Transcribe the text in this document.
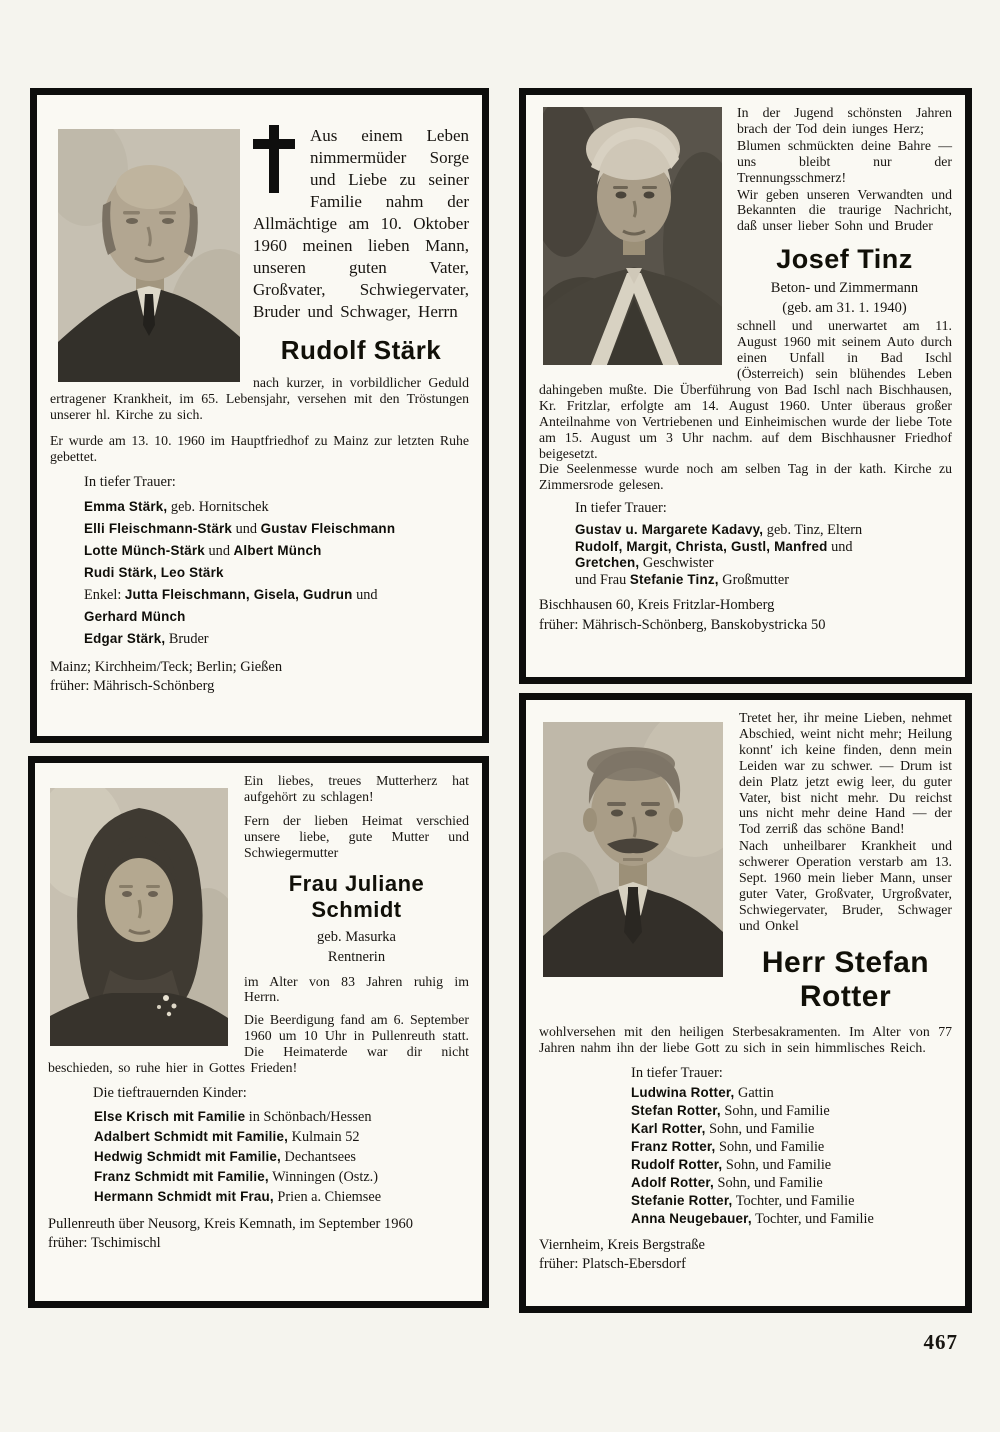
Aus einem Leben nimmermüder Sorge und Liebe zu seiner Familie nahm der Allmächtige am 10. Oktober 1960 meinen lieben Mann, unseren guten Vater, Großvater, Schwiegervater, Bruder und Schwager, Herrn

Rudolf Stärk

nach kurzer, in vorbildlicher Geduld ertragener Krankheit, im 65. Lebensjahr, versehen mit den Tröstungen unserer hl. Kirche zu sich.

Er wurde am 13. 10. 1960 im Hauptfriedhof zu Mainz zur letzten Ruhe gebettet.

In tiefer Trauer:

Emma Stärk, geb. Hornitschek
Elli Fleischmann-Stärk und Gustav Fleischmann
Lotte Münch-Stärk und Albert Münch
Rudi Stärk, Leo Stärk
Enkel: Jutta Fleischmann, Gisela, Gudrun und
Gerhard Münch
Edgar Stärk, Bruder

Mainz; Kirchheim/Teck; Berlin; Gießen

früher: Mährisch-Schönberg

In der Jugend schönsten Jahren brach der Tod dein iunges Herz;

Blumen schmückten deine Bahre — uns bleibt nur der Trennungsschmerz!

Wir geben unseren Verwandten und Bekannten die traurige Nachricht, daß unser lieber Sohn und Bruder

Josef Tinz

Beton- und Zimmermann

(geb. am 31. 1. 1940)

schnell und unerwartet am 11. August 1960 mit seinem Auto durch einen Unfall in Bad Ischl (Österreich) sein blühendes Leben dahingeben mußte. Die Überführung von Bad Ischl nach Bischhausen, Kr. Fritzlar, erfolgte am 14. August 1960. Unter überaus großer Anteilnahme von Vertriebenen und Einheimischen wurde der liebe Tote am 15. August um 3 Uhr nachm. auf dem Bischhausner Friedhof beigesetzt.

Die Seelenmesse wurde noch am selben Tag in der kath. Kirche zu Zimmersrode gelesen.

In tiefer Trauer:

Gustav u. Margarete Kadavy, geb. Tinz, Eltern
Rudolf, Margit, Christa, Gustl, Manfred und
Gretchen, Geschwister
und Frau Stefanie Tinz, Großmutter

Bischhausen 60, Kreis Fritzlar-Homberg

früher: Mährisch-Schönberg, Banskobystricka 50

Ein liebes, treues Mutterherz hat aufgehört zu schlagen!

Fern der lieben Heimat verschied unsere liebe, gute Mutter und Schwiegermutter

Frau Juliane Schmidt

geb. Masurka

Rentnerin

im Alter von 83 Jahren ruhig im Herrn.

Die Beerdigung fand am 6. September 1960 um 10 Uhr in Pullenreuth statt. Die Heimaterde war dir nicht beschieden, so ruhe hier in Gottes Frieden!

Die tieftrauernden Kinder:

Else Krisch mit Familie in Schönbach/Hessen
Adalbert Schmidt mit Familie, Kulmain 52
Hedwig Schmidt mit Familie, Dechantsees
Franz Schmidt mit Familie, Winningen (Ostz.)
Hermann Schmidt mit Frau, Prien a. Chiemsee

Pullenreuth über Neusorg, Kreis Kemnath, im September 1960

früher: Tschimischl

Tretet her, ihr meine Lieben, nehmet Abschied, weint nicht mehr; Heilung konnt' ich keine finden, denn mein Leiden war zu schwer. — Drum ist dein Platz jetzt ewig leer, du guter Vater, bist nicht mehr. Du reichst uns nicht mehr deine Hand — der Tod zerriß das schöne Band!

Nach unheilbarer Krankheit und schwerer Operation verstarb am 13. Sept. 1960 mein lieber Mann, unser guter Vater, Großvater, Urgroßvater, Schwiegervater, Bruder, Schwager und Onkel

Herr Stefan Rotter

wohlversehen mit den heiligen Sterbesakramenten. Im Alter von 77 Jahren nahm ihn der liebe Gott zu sich in sein himmlisches Reich.

In tiefer Trauer:

Ludwina Rotter, Gattin
Stefan Rotter, Sohn, und Familie
Karl Rotter, Sohn, und Familie
Franz Rotter, Sohn, und Familie
Rudolf Rotter, Sohn, und Familie
Adolf Rotter, Sohn, und Familie
Stefanie Rotter, Tochter, und Familie
Anna Neugebauer, Tochter, und Familie

Viernheim, Kreis Bergstraße

früher: Platsch-Ebersdorf

467
